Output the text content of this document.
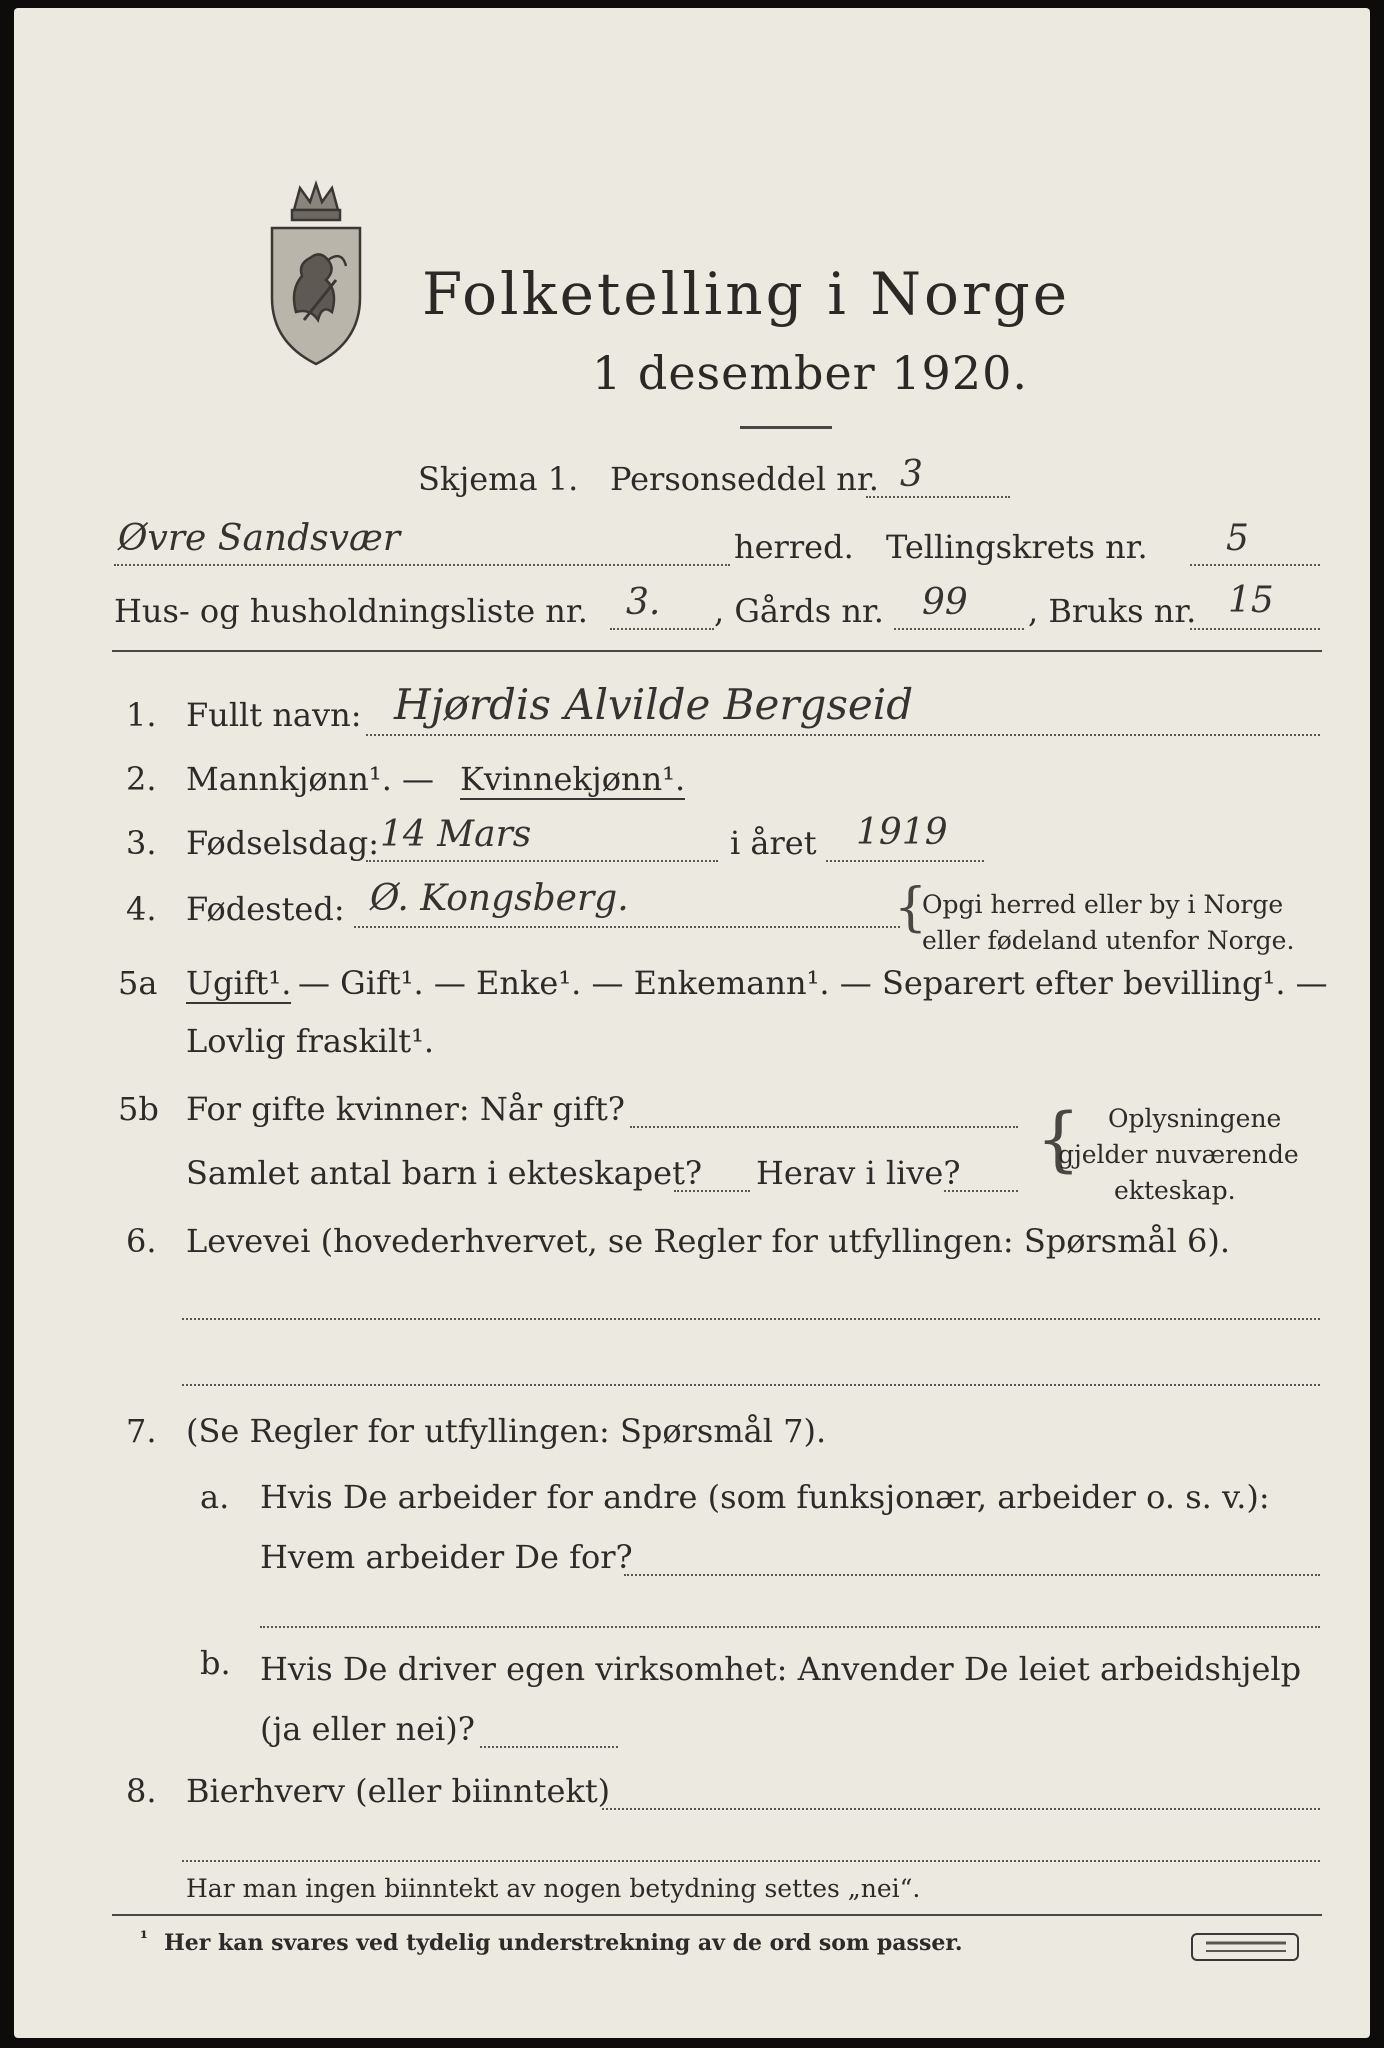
Folketelling i Norge
1 desember 1920.
Skjema 1. Personseddel nr. 3
Øvre Sandsvær	herred. Tellingskrets nr. 5
Hus- og husholdningsliste nr. 3. , Gårds nr. 99 , Bruks nr. 15
1. Fullt navn: Hjørdis Alvilde Bergseid
2. Mannkjønn¹. — Kvinnekjønn¹.
3. Fødselsdag: 14 Mars	i året 1919
4. Fødested: Ø. Kongsberg.	{
Opgi herred eller by i Norge
eller fødeland utenfor Norge.
5a Ugift¹. — Gift¹. — Enke¹. — Enkemann¹. — Separert efter bevilling¹. —
Lovlig fraskilt¹.
5b For gifte kvinner: Når gift?
Samlet antal barn i ekteskapet? Herav i live? { Oplysningene
gjelder nuværende
ekteskap.
6. Levevei (hovederhvervet, se Regler for utfyllingen: Spørsmål 6).
7. (Se Regler for utfyllingen: Spørsmål 7).
a. Hvis De arbeider for andre (som funksjonær, arbeider o. s. v.):
Hvem arbeider De for?
b. Hvis De driver egen virksomhet: Anvender De leiet arbeidshjelp
(ja eller nei)?
8. Bierhverv (eller biinntekt)
Har man ingen biinntekt av nogen betydning settes „nei“.
¹ Her kan svares ved tydelig understrekning av de ord som passer.
